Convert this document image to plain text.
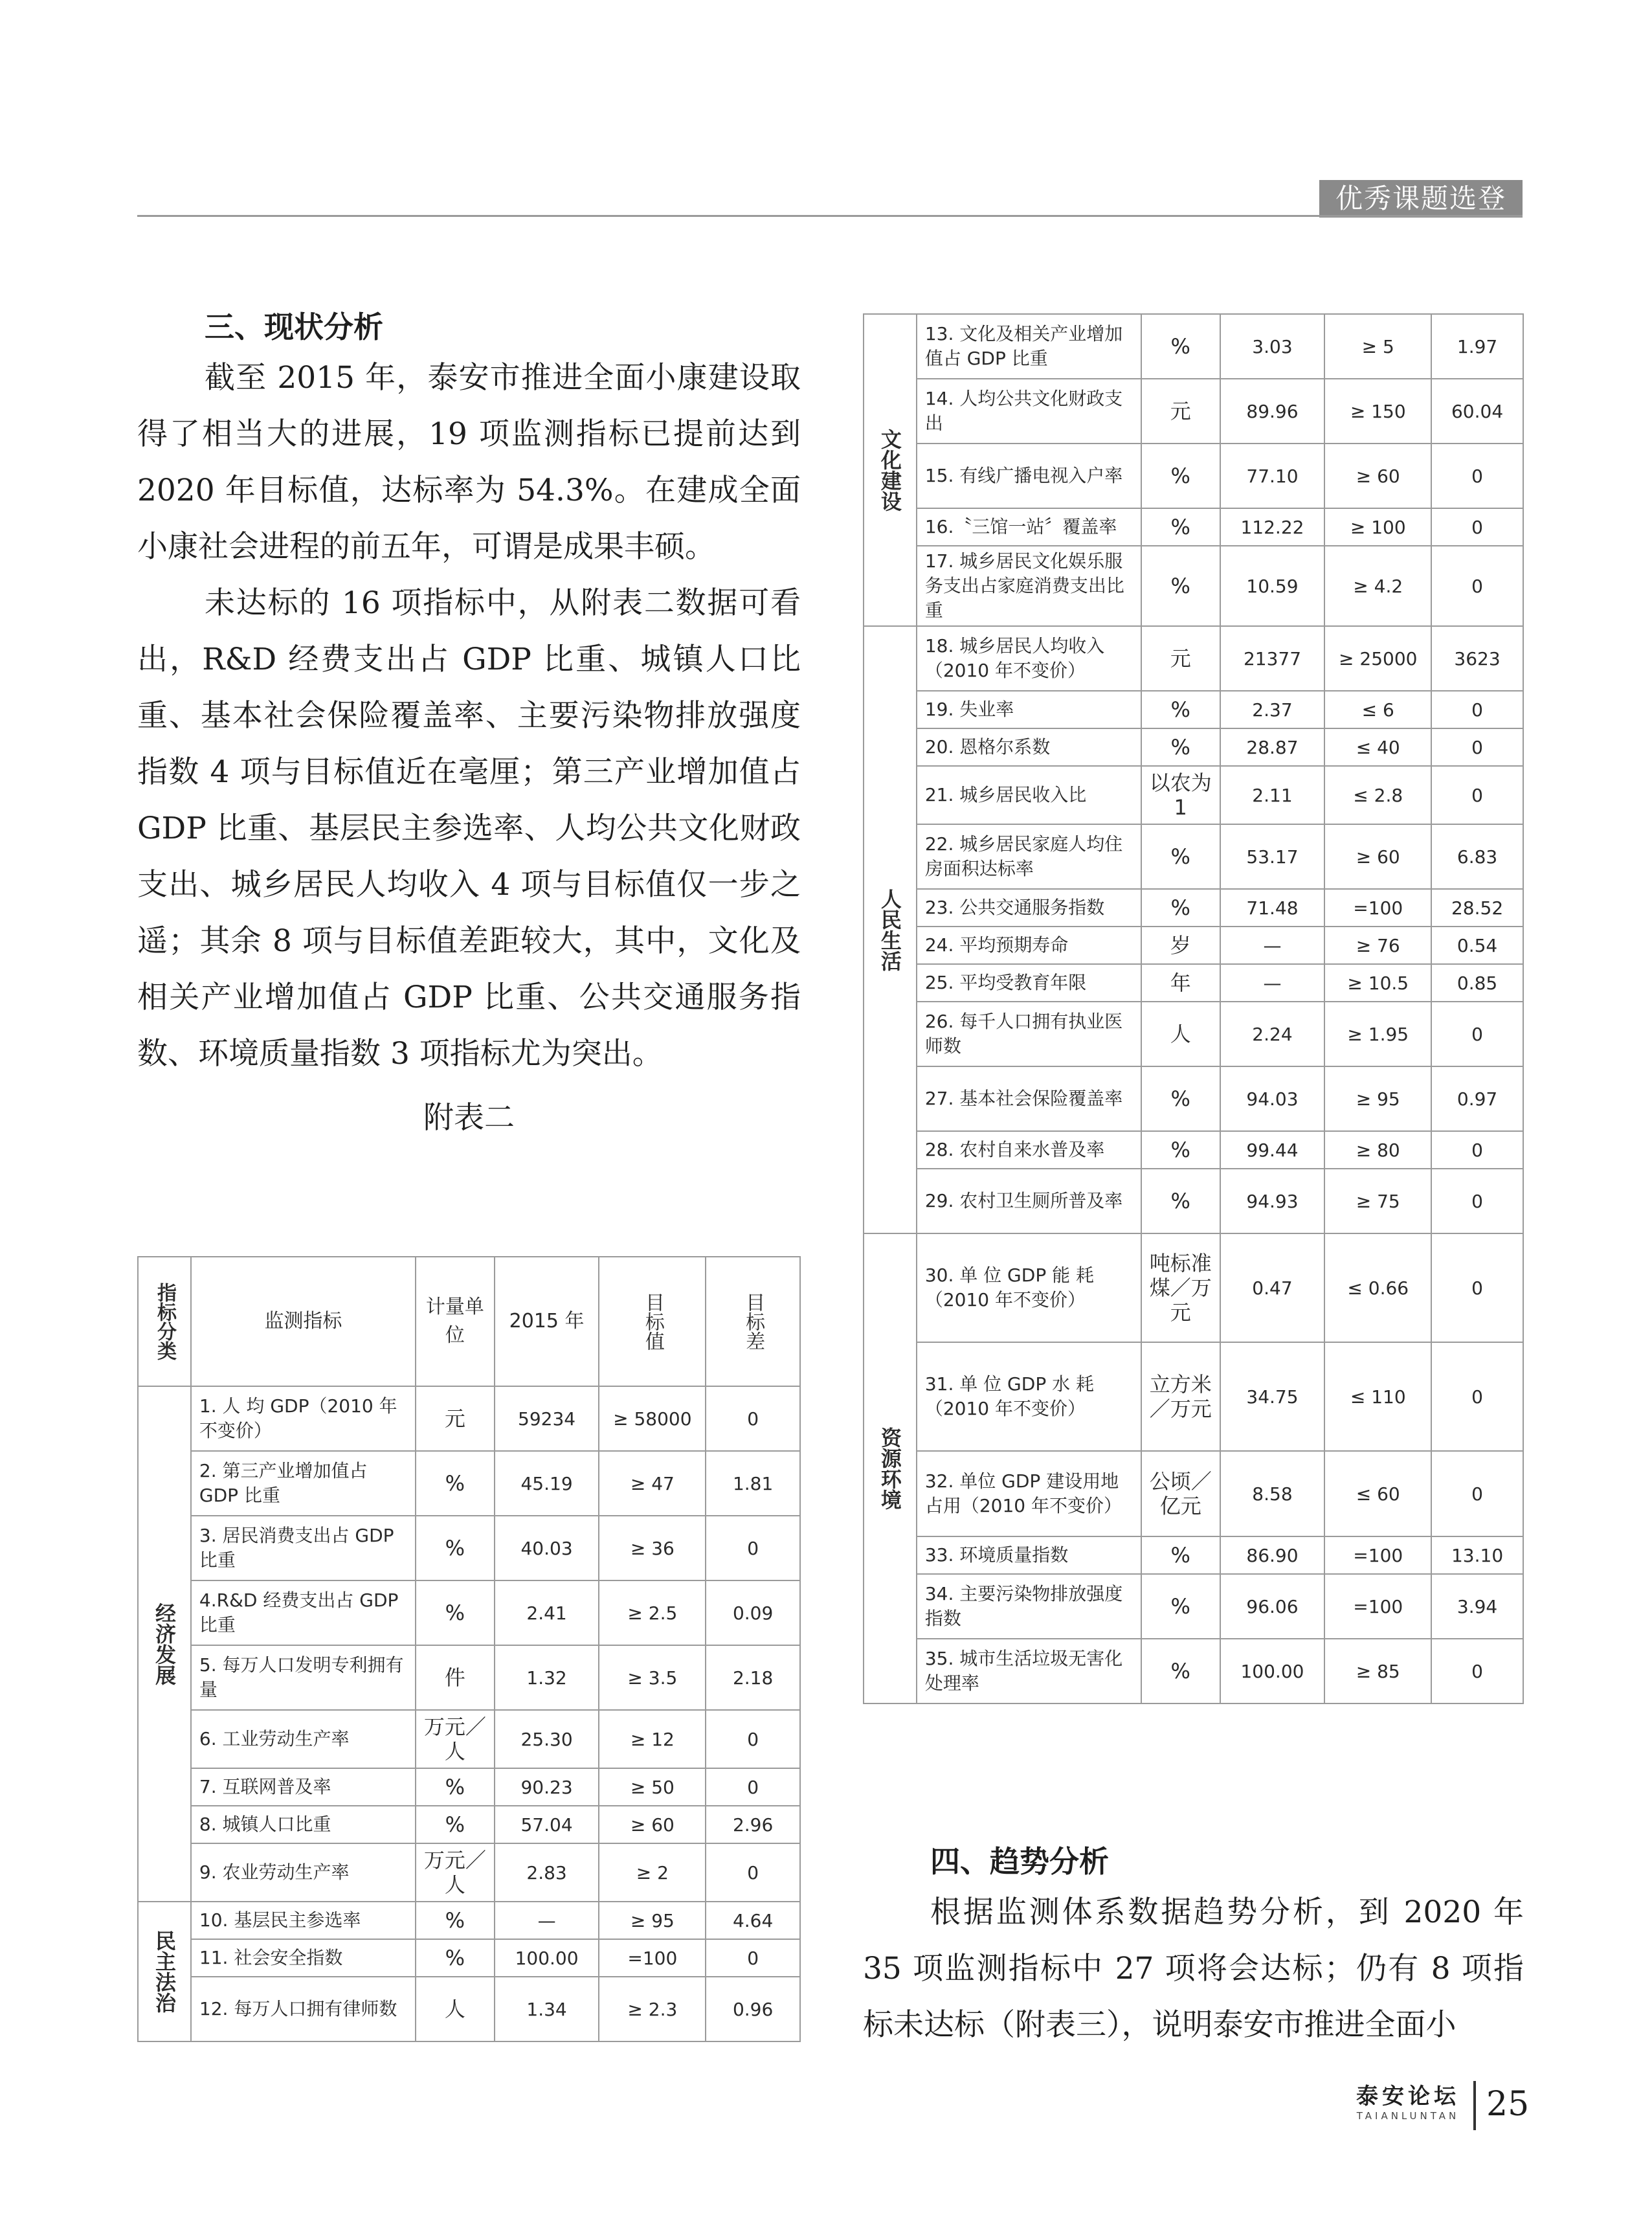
优秀课题选登
三、现状分析

截至 2015 年，泰安市推进全面小康建设取得了相当大的进展，19 项监测指标已提前达到 2020 年目标值，达标率为 54.3%。在建成全面小康社会进程的前五年，可谓是成果丰硕。

未达标的 16 项指标中，从附表二数据可看出，R&D 经费支出占 GDP 比重、城镇人口比重、基本社会保险覆盖率、主要污染物排放强度指数 4 项与目标值近在毫厘；第三产业增加值占 GDP 比重、基层民主参选率、人均公共文化财政支出、城乡居民人均收入 4 项与目标值仅一步之遥；其余 8 项与目标值差距较大，其中，文化及相关产业增加值占 GDP 比重、公共交通服务指数、环境质量指数 3 项指标尤为突出。

附表二
指标分类	监测指标	计量单位	2015 年	目标值	目标差
经济发展	1. 人 均 GDP（2010 年不变价）	元	59234	≥ 58000	0
	2. 第三产业增加值占 GDP 比重	%	45.19	≥ 47	1.81
	3. 居民消费支出占 GDP 比重	%	40.03	≥ 36	0
	4.R&D 经费支出占 GDP 比重	%	2.41	≥ 2.5	0.09
	5. 每万人口发明专利拥有量	件	1.32	≥ 3.5	2.18
	6. 工业劳动生产率	万元／人	25.30	≥ 12	0
	7. 互联网普及率	%	90.23	≥ 50	0
	8. 城镇人口比重	%	57.04	≥ 60	2.96
	9. 农业劳动生产率	万元／人	2.83	≥ 2	0
民主法治	10. 基层民主参选率	%	—	≥ 95	4.64
	11. 社会安全指数	%	100.00	=100	0
	12. 每万人口拥有律师数	人	1.34	≥ 2.3	0.96
文化建设	13. 文化及相关产业增加值占 GDP 比重	%	3.03	≥ 5	1.97
	14. 人均公共文化财政支出	元	89.96	≥ 150	60.04
	15. 有线广播电视入户率	%	77.10	≥ 60	0
	16.〝三馆一站〞覆盖率	%	112.22	≥ 100	0
	17. 城乡居民文化娱乐服务支出占家庭消费支出比重	%	10.59	≥ 4.2	0
人民生活	18. 城乡居民人均收入（2010 年不变价）	元	21377	≥ 25000	3623
	19. 失业率	%	2.37	≤ 6	0
	20. 恩格尔系数	%	28.87	≤ 40	0
	21. 城乡居民收入比	以农为 1	2.11	≤ 2.8	0
	22. 城乡居民家庭人均住房面积达标率	%	53.17	≥ 60	6.83
	23. 公共交通服务指数	%	71.48	=100	28.52
	24. 平均预期寿命	岁	—	≥ 76	0.54
	25. 平均受教育年限	年	—	≥ 10.5	0.85
	26. 每千人口拥有执业医师数	人	2.24	≥ 1.95	0
	27. 基本社会保险覆盖率	%	94.03	≥ 95	0.97
	28. 农村自来水普及率	%	99.44	≥ 80	0
	29. 农村卫生厕所普及率	%	94.93	≥ 75	0
资源环境	30. 单 位 GDP 能 耗（2010 年不变价）	吨标准煤／万元	0.47	≤ 0.66	0
	31. 单 位 GDP 水 耗（2010 年不变价）	立方米／万元	34.75	≤ 110	0
	32. 单位 GDP 建设用地占用（2010 年不变价）	公顷／亿元	8.58	≤ 60	0
	33. 环境质量指数	%	86.90	=100	13.10
	34. 主要污染物排放强度指数	%	96.06	=100	3.94
	35. 城市生活垃圾无害化处理率	%	100.00	≥ 85	0
四、趋势分析

根据监测体系数据趋势分析，到 2020 年 35 项监测指标中 27 项将会达标；仍有 8 项指标未达标（附表三），说明泰安市推进全面小

泰安论坛
TAIANLUNTAN 25
